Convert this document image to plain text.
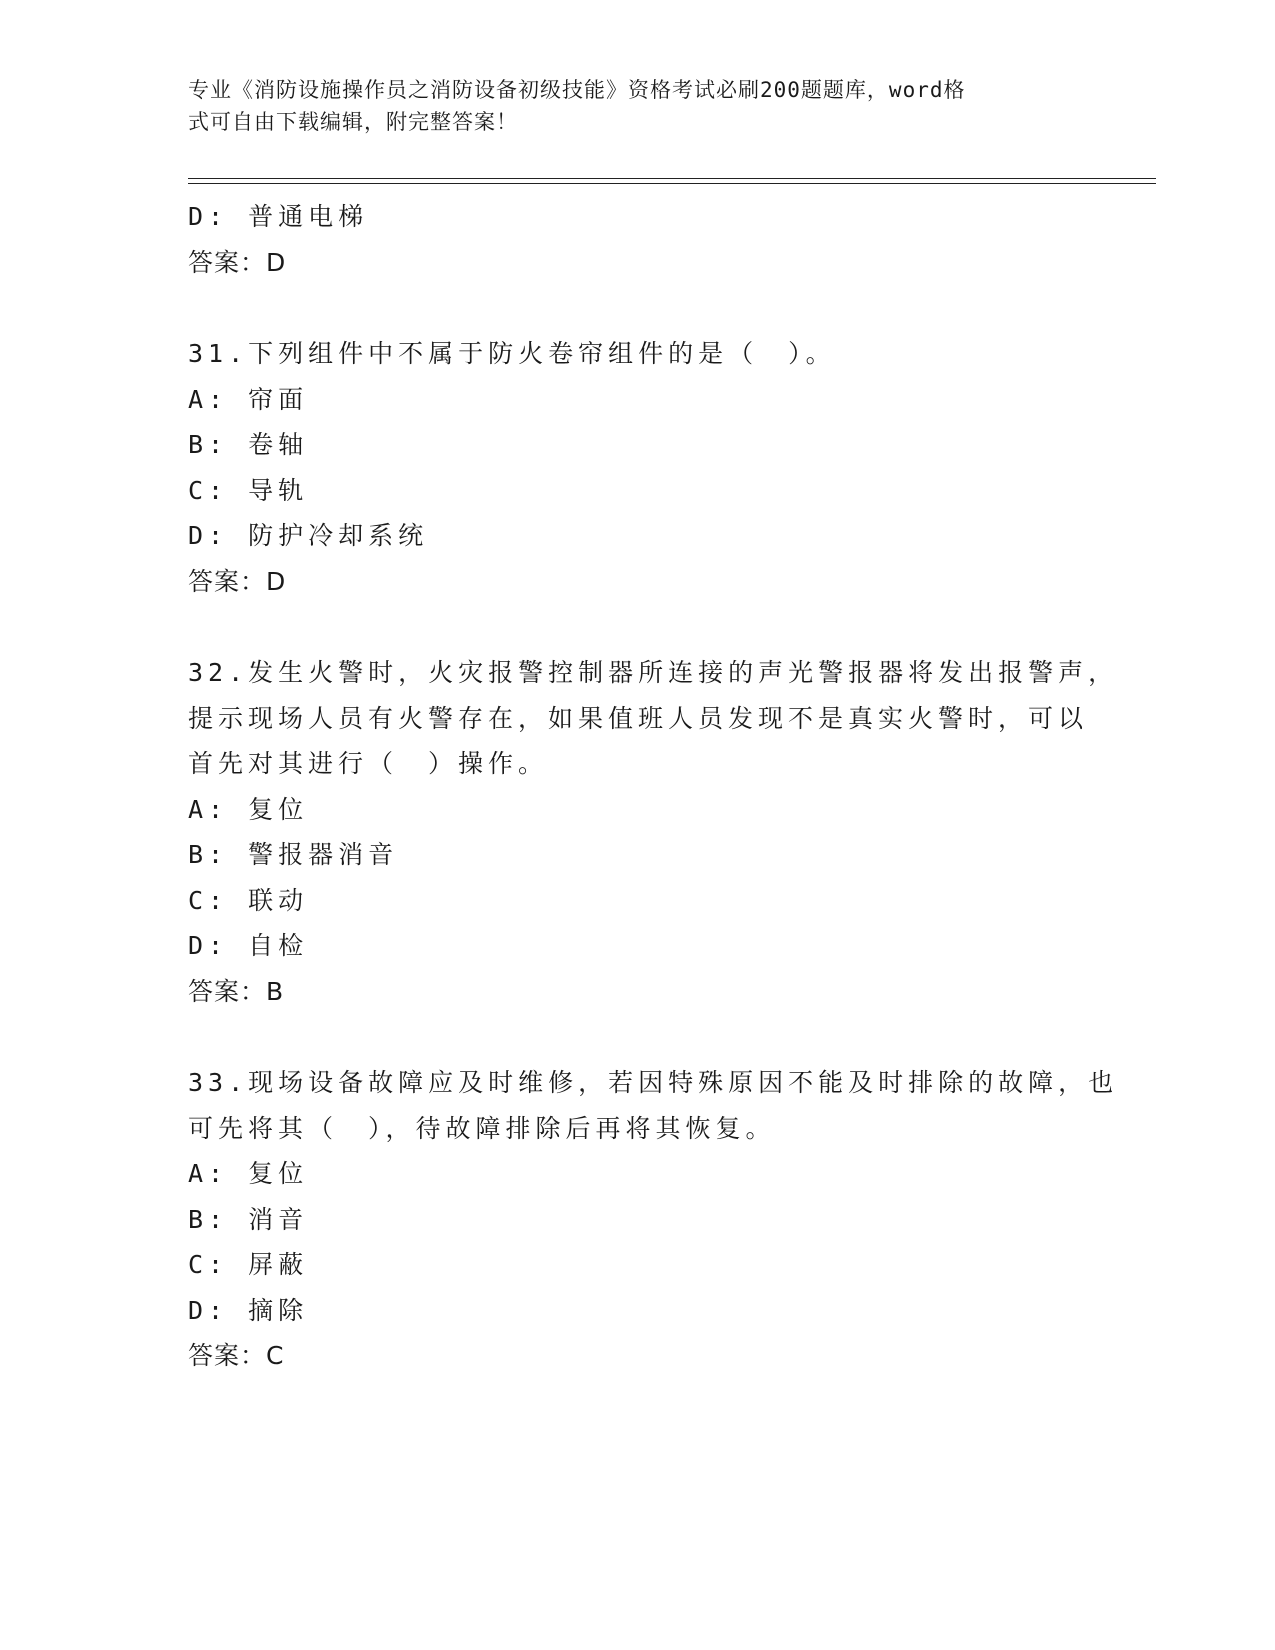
专业《消防设施操作员之消防设备初级技能》资格考试必刷200题题库，word格
式可自由下载编辑，附完整答案！
D: 普通电梯
答案：D
31.下列组件中不属于防火卷帘组件的是（　）。
A: 帘面
B: 卷轴
C: 导轨
D: 防护冷却系统
答案：D
32.发生火警时，火灾报警控制器所连接的声光警报器将发出报警声，
提示现场人员有火警存在，如果值班人员发现不是真实火警时，可以
首先对其进行（　）操作。
A: 复位
B: 警报器消音
C: 联动
D: 自检
答案：B
33.现场设备故障应及时维修，若因特殊原因不能及时排除的故障，也
可先将其（　），待故障排除后再将其恢复。
A: 复位
B: 消音
C: 屏蔽
D: 摘除
答案：C
